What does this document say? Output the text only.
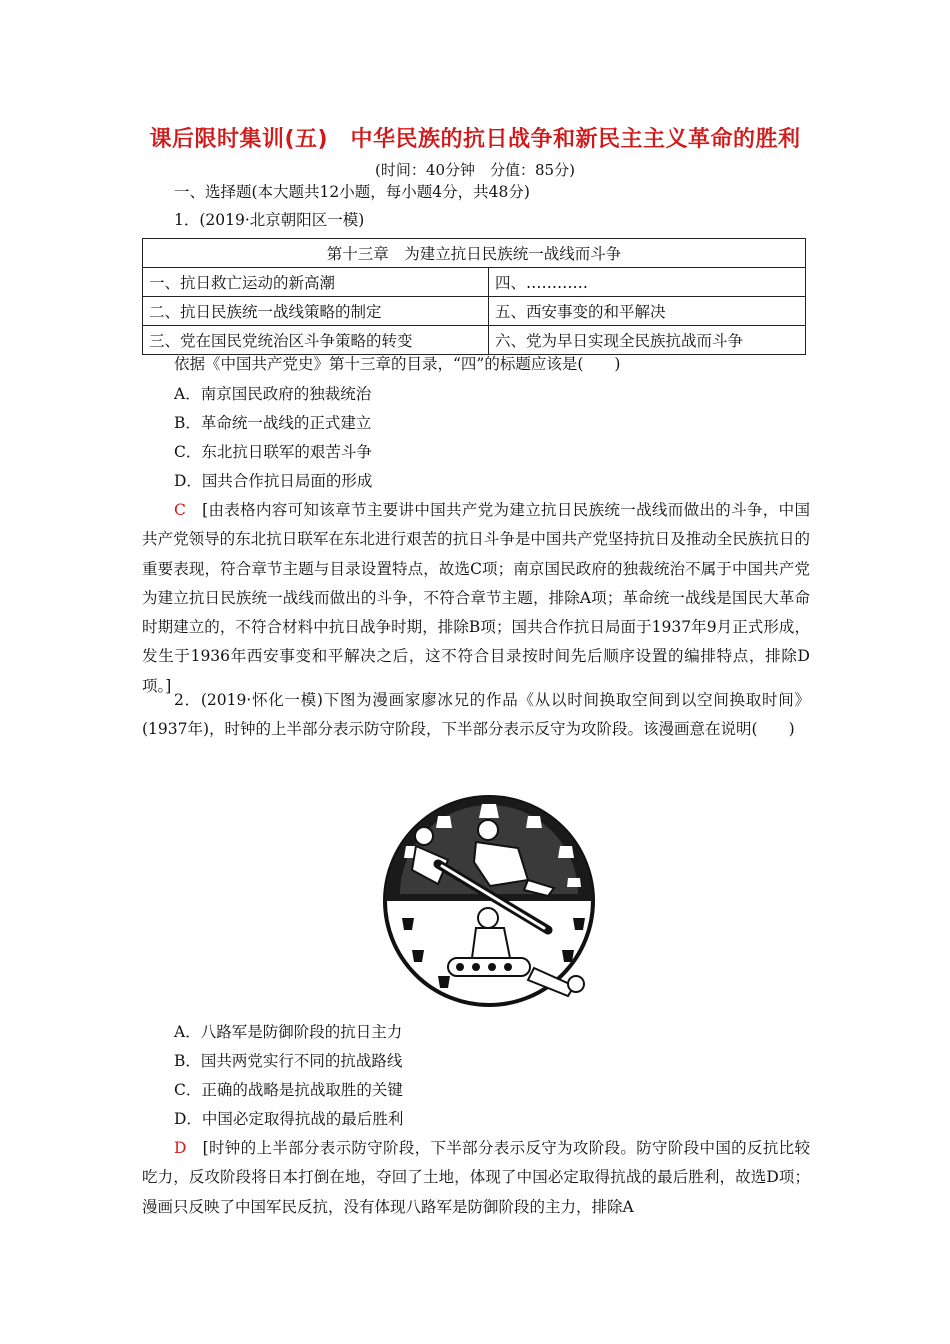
课后限时集训(五)　中华民族的抗日战争和新民主主义革命的胜利
(时间：40分钟　分值：85分)
一、选择题(本大题共12小题，每小题4分，共48分)
1．(2019·北京朝阳区一模)
第十三章　为建立抗日民族统一战线而斗争	
一、抗日救亡运动的新高潮	四、…………
二、抗日民族统一战线策略的制定	五、西安事变的和平解决
三、党在国民党统治区斗争策略的转变	六、党为早日实现全民族抗战而斗争
依据《中国共产党史》第十三章的目录，“四”的标题应该是(　　)
A．南京国民政府的独裁统治
B．革命统一战线的正式建立
C．东北抗日联军的艰苦斗争
D．国共合作抗日局面的形成
C　 [由表格内容可知该章节主要讲中国共产党为建立抗日民族统一战线而做出的斗争，中国共产党领导的东北抗日联军在东北进行艰苦的抗日斗争是中国共产党坚持抗日及推动全民族抗日的重要表现，符合章节主题与目录设置特点，故选C项；南京国民政府的独裁统治不属于中国共产党为建立抗日民族统一战线而做出的斗争，不符合章节主题，排除A项；革命统一战线是国民大革命时期建立的，不符合材料中抗日战争时期，排除B项；国共合作抗日局面于1937年9月正式形成，发生于1936年西安事变和平解决之后，这不符合目录按时间先后顺序设置的编排特点，排除D项。]
2．(2019·怀化一模)下图为漫画家廖冰兄的作品《从以时间换取空间到以空间换取时间》(1937年)，时钟的上半部分表示防守阶段，下半部分表示反守为攻阶段。该漫画意在说明(　　)
A．八路军是防御阶段的抗日主力
B．国共两党实行不同的抗战路线
C．正确的战略是抗战取胜的关键
D．中国必定取得抗战的最后胜利
D　 [时钟的上半部分表示防守阶段，下半部分表示反守为攻阶段。防守阶段中国的反抗比较吃力，反攻阶段将日本打倒在地，夺回了土地，体现了中国必定取得抗战的最后胜利，故选D项；漫画只反映了中国军民反抗，没有体现八路军是防御阶段的主力，排除A
